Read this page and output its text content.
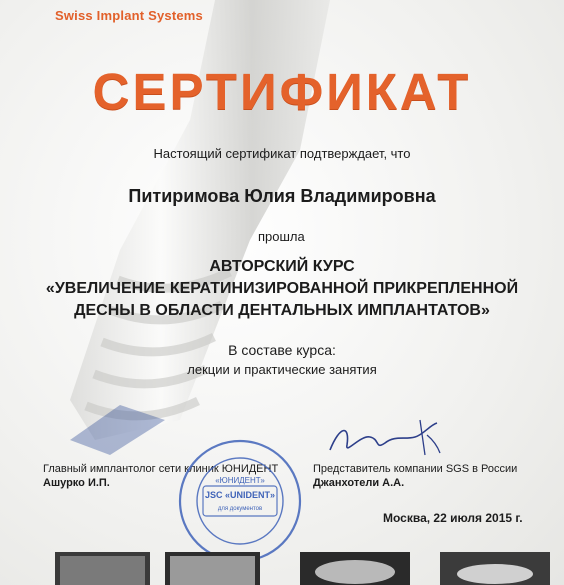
Swiss Implant Systems
СЕРТИФИКАТ
Настоящий сертификат подтверждает, что
Питиримова Юлия Владимировна
прошла
АВТОРСКИЙ КУРС
«УВЕЛИЧЕНИЕ КЕРАТИНИЗИРОВАННОЙ ПРИКРЕПЛЕННОЙ
ДЕСНЫ В ОБЛАСТИ ДЕНТАЛЬНЫХ ИМПЛАНТАТОВ»
В составе курса:
лекции и практические занятия
Главный имплантолог сети клиник ЮНИДЕНТ
Ашурко И.П.
Представитель компании SGS в России
Джанхотели А.А.
«ЮНИДЕНТ»
JSC «UNIDENT»
для документов
Москва, 22 июля 2015 г.
